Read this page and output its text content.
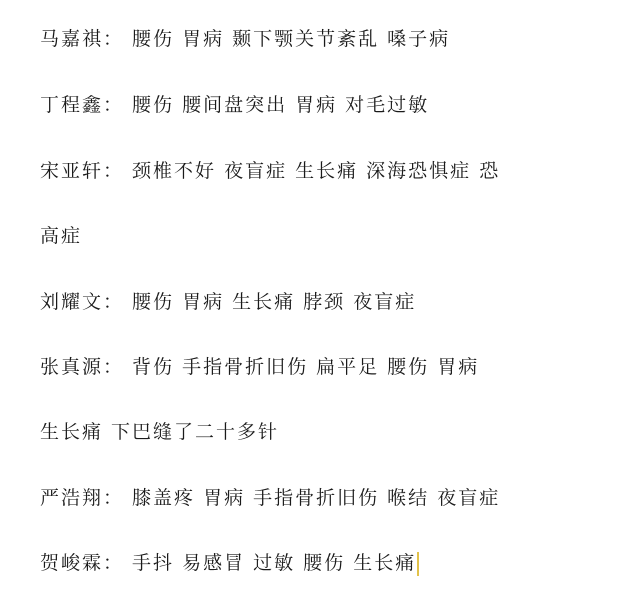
马嘉祺： 腰伤 胃病 颞下颚关节紊乱 嗓子病
丁程鑫： 腰伤 腰间盘突出 胃病 对毛过敏
宋亚轩： 颈椎不好 夜盲症 生长痛 深海恐惧症 恐
高症
刘耀文： 腰伤 胃病 生长痛 脖颈 夜盲症
张真源： 背伤 手指骨折旧伤 扁平足 腰伤 胃病
生长痛 下巴缝了二十多针
严浩翔： 膝盖疼 胃病 手指骨折旧伤 喉结 夜盲症
贺峻霖： 手抖 易感冒 过敏 腰伤 生长痛
